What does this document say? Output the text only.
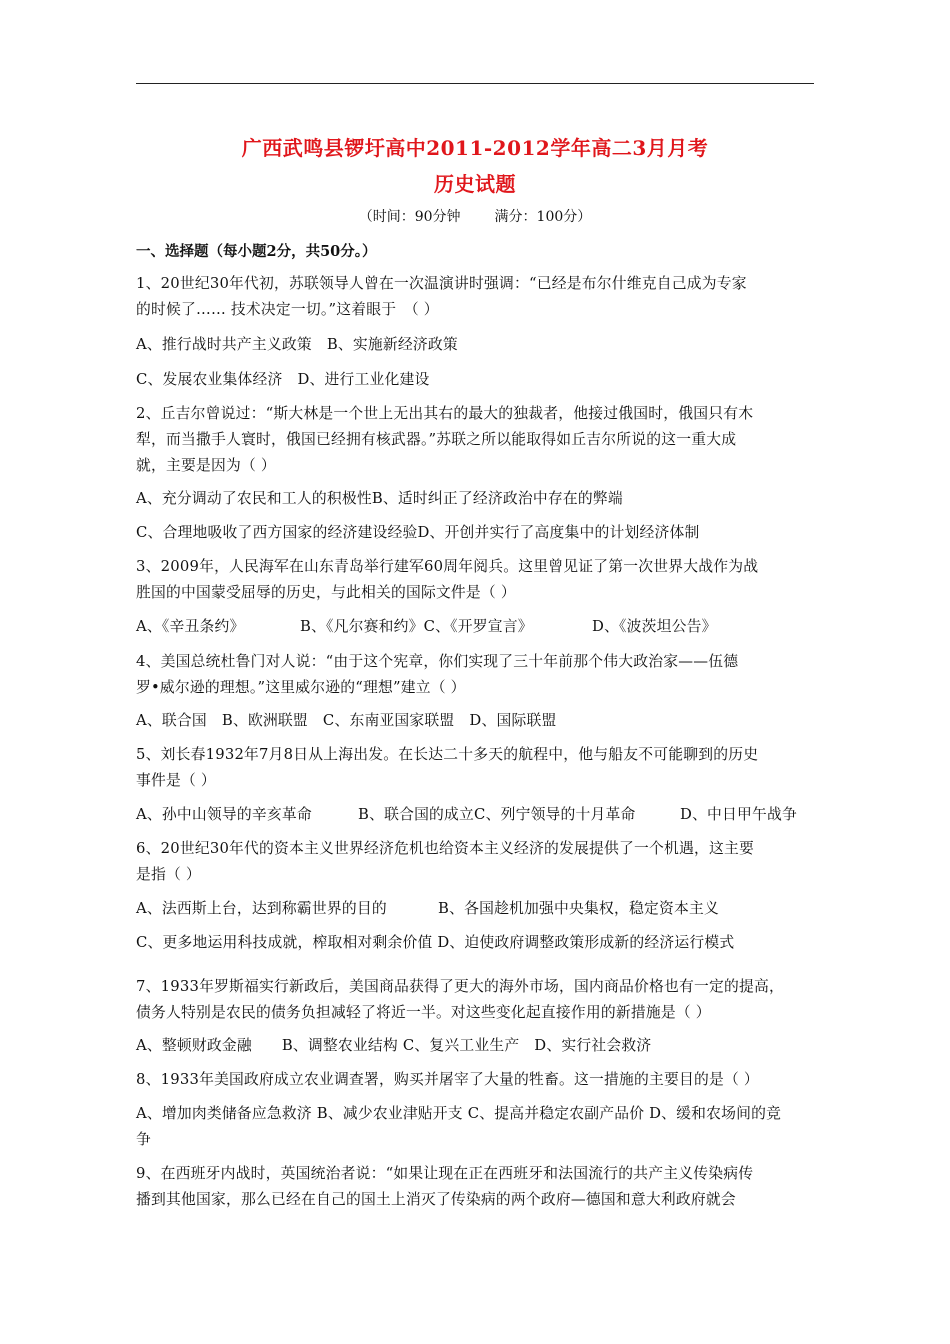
广西武鸣县锣圩高中2011-2012学年高二3月月考
历史试题
（时间：90分钟 满分：100分）
一、选择题（每小题2分，共50分。）
1、20世纪30年代初，苏联领导人曾在一次温演讲时强调：“已经是布尔什维克自己成为专家
的时候了…… 技术决定一切。”这着眼于　（ ）
A、推行战时共产主义政策　B、实施新经济政策
C、发展农业集体经济　D、进行工业化建设
2、丘吉尔曾说过：“斯大林是一个世上无出其右的最大的独裁者，他接过俄国时，俄国只有木
犁，而当撒手人寰时，俄国已经拥有核武器。”苏联之所以能取得如丘吉尔所说的这一重大成
就，主要是因为（ ）
A、充分调动了农民和工人的积极性B、适时纠正了经济政治中存在的弊端
C、合理地吸收了西方国家的经济建设经验D、开创并实行了高度集中的计划经济体制
3、2009年，人民海军在山东青岛举行建军60周年阅兵。这里曾见证了第一次世界大战作为战
胜国的中国蒙受屈辱的历史，与此相关的国际文件是（ ）
A、《辛丑条约》	B、《凡尔赛和约》C、《开罗宣言》	D、《波茨坦公告》
4、美国总统杜鲁门对人说：“由于这个宪章，你们实现了三十年前那个伟大政治家——伍德
罗•威尔逊的理想。”这里威尔逊的“理想”建立（ ）
A、联合国　B、欧洲联盟　C、东南亚国家联盟　D、国际联盟
5、刘长春1932年7月8日从上海出发。在长达二十多天的航程中，他与船友不可能聊到的历史
事件是（ ）
A、孙中山领导的辛亥革命	B、联合国的成立C、列宁领导的十月革命	D、中日甲午战争
6、20世纪30年代的资本主义世界经济危机也给资本主义经济的发展提供了一个机遇，这主要
是指（ ）
A、法西斯上台，达到称霸世界的目的	B、各国趁机加强中央集权，稳定资本主义
C、更多地运用科技成就，榨取相对剩余价值 D、迫使政府调整政策形成新的经济运行模式
7、1933年罗斯福实行新政后，美国商品获得了更大的海外市场，国内商品价格也有一定的提高，
债务人特别是农民的债务负担减轻了将近一半。对这些变化起直接作用的新措施是（ ）
A、整顿财政金融　　B、调整农业结构 C、复兴工业生产　D、实行社会救济
8、1933年美国政府成立农业调查署，购买并屠宰了大量的牲畜。这一措施的主要目的是（ ）
A、增加肉类储备应急救济 B、减少农业津贴开支 C、提高并稳定农副产品价 D、缓和农场间的竞
争
9、在西班牙内战时，英国统治者说：“如果让现在正在西班牙和法国流行的共产主义传染病传
播到其他国家，那么已经在自己的国土上消灭了传染病的两个政府—德国和意大利政府就会
